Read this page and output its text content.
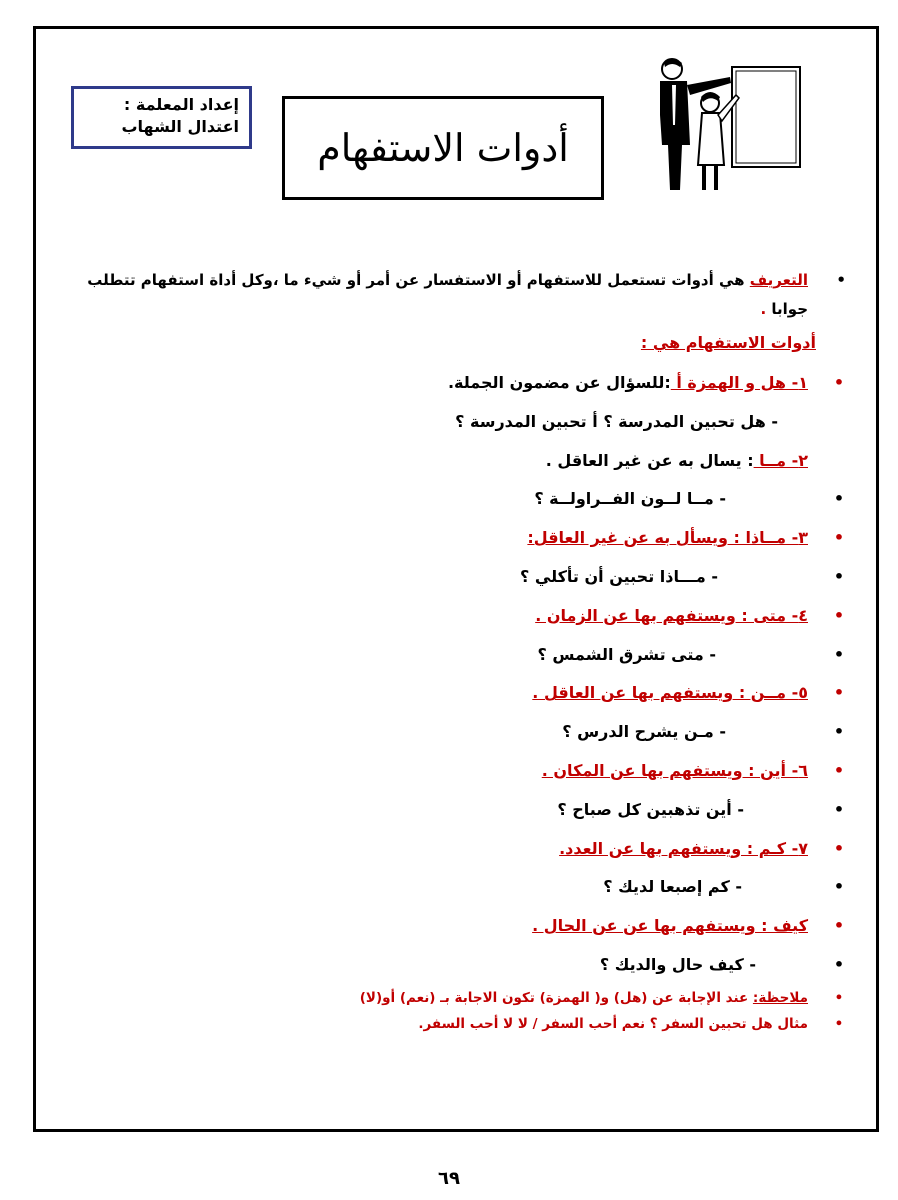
إعداد المعلمة :
اعتدال الشهاب	أدوات الاستفهام
•
التعريف هي أدوات تستعمل للاستفهام أو الاستفسار عن أمر أو شيء ما ،وكل أداة استفهام تتطلب جوابا .
أدوات الاستفهام هي :
•
١- هل و الهمزة أ :للسؤال عن مضمون الجملة.
- هل تحبين المدرسة ؟ أ تحبين المدرسة ؟
٢- مــا : يسال به عن غير العاقل .
•
- مــا لــون الفــراولــة ؟
•
٣- مــاذا : ويسأل به عن غير العاقل:
•
- مـــاذا تحبين أن تأكلي ؟
•
٤- متى : ويستفهم بها عن الزمان .
•
- متى تشرق الشمس ؟
•
٥- مــن : ويستفهم بها عن العاقل .
•
- مـن يشرح الدرس ؟
•
٦- أين : ويستفهم بها عن المكان .
•
- أين تذهبين كل صباح ؟
•
٧- كـم : ويستفهم بها عن العدد.
•
- كم إصبعا لديك ؟
•
كيف : ويستفهم بها عن عن الحال .
•
- كيف حال والديك ؟
•
ملاحظة: عند الإجابة عن (هل) و( الهمزة) تكون الاجابة بـ (نعم) أو(لا)
•
مثال هل تحبين السفر ؟ نعم أحب السفر / لا لا أحب السفر.
٦٩
